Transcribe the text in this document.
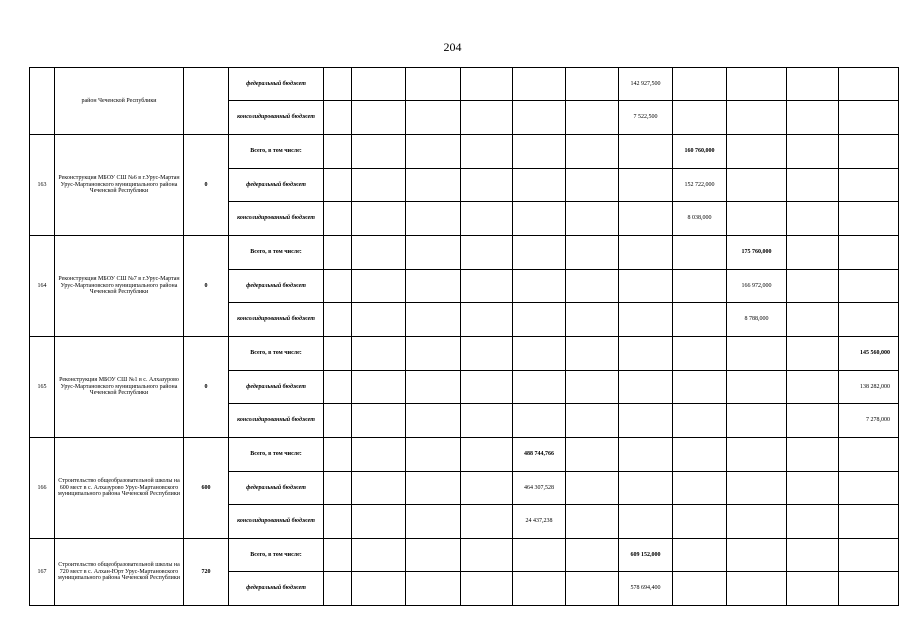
204
	район Чеченской Республики		федеральный бюджет							142 927,500				
			консолидированный бюджет							7 522,500				
163	Реконструкция МБОУ СШ №6 в г.Урус-Мартан Урус-Мартановского муниципального района Чеченской Республики	0	Всего, в том числе:								160 760,000			
			федеральный бюджет								152 722,000			
			консолидированный бюджет								8 038,000			
164	Реконструкция МБОУ СШ №7 в г.Урус-Мартан Урус-Мартановского муниципального района Чеченской Республики	0	Всего, в том числе:									175 760,000		
			федеральный бюджет									166 972,000		
			консолидированный бюджет									8 788,000		
165	Реконструкция МБОУ СШ №1 в с. Алхазурово Урус-Мартановского муниципального района Чеченской Республики	0	Всего, в том числе:											145 560,000
			федеральный бюджет											138 282,000
			консолидированный бюджет											7 278,000
166	Строительство общеобразовательной школы на 600 мест в с. Алхазурово Урус-Мартановского муниципального района Чеченской Республики	600	Всего, в том числе:					488 744,766						
			федеральный бюджет					464 307,528						
			консолидированный бюджет					24 437,238						
167	Строительство общеобразовательной школы на 720 мест в с. Алхан-Юрт Урус-Мартановского муниципального района Чеченской Республики	720	Всего, в том числе:							609 152,000				
			федеральный бюджет							578 694,400				
